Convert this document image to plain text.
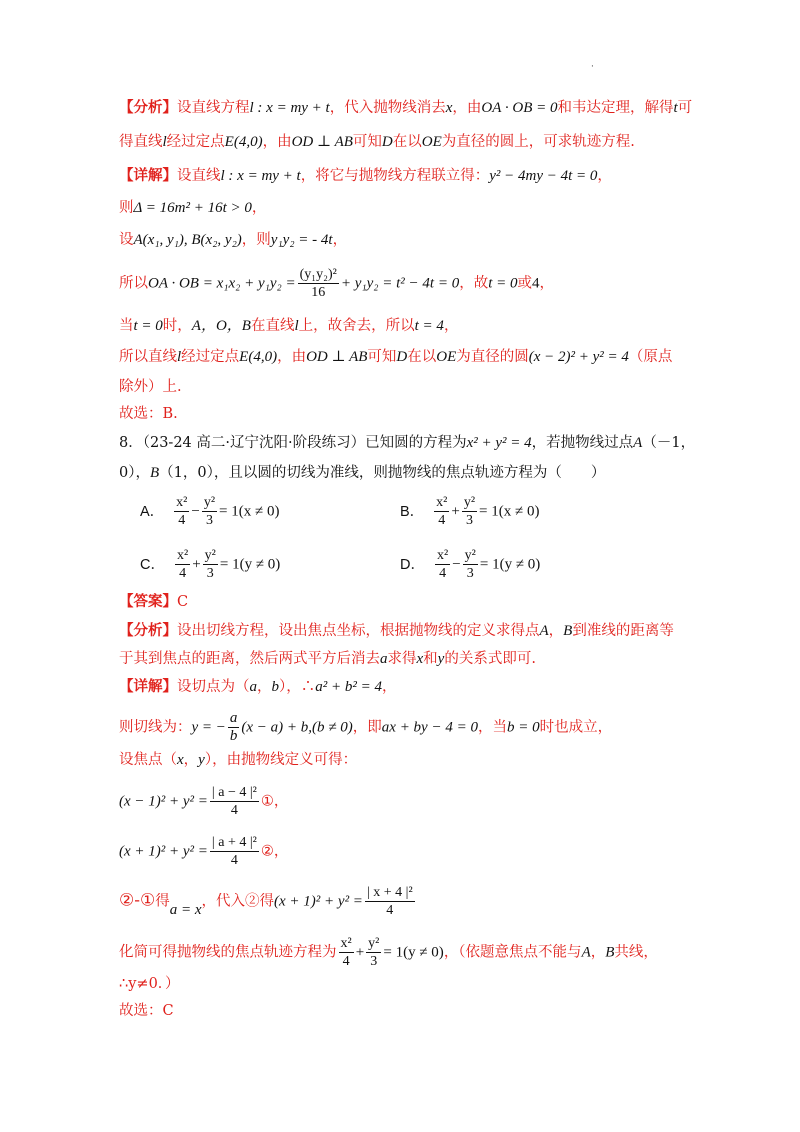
·
【分析】设直线方程l : x = my + t，代入抛物线消去x，由OA · OB = 0和韦达定理，解得t可
得直线l经过定点E(4,0)，由OD ⊥ AB可知D在以OE为直径的圆上，可求轨迹方程.
【详解】设直线l : x = my + t，将它与抛物线方程联立得：y² − 4my − 4t = 0，
则Δ = 16m² + 16t > 0，
设A(x₁, y₁), B(x₂, y₂)，则y₁y₂ = - 4t，
所以OA · OB = $x_1x_2 + y_1y_2 = \frac{\text{(y₁y₂)²}}{16} + y_1y_2 = t^2 - 4t = 0$，故t = 0或4，
当t = 0时，A，O，B在直线l上，故舍去，所以t = 4，
所以直线l经过定点E(4,0)，由OD ⊥ AB可知D在以OE为直径的圆(x − 2)² + y² = 4（原点
除外）上.
故选：B.
8．（23-24 高二·辽宁沈阳·阶段练习）已知圆的方程为x² + y² = 4，若抛物线过点A（－1，
0），B（1，0），且以圆的切线为准线，则抛物线的焦点轨迹方程为（　　）
A． $\frac{\text{x²}}{4} - \frac{\text{y²}}{3} = 1(x \ne 0)$	B． $\frac{\text{x²}}{4} + \frac{\text{y²}}{3} = 1(x \ne 0)$
C． $\frac{\text{x²}}{4} + \frac{\text{y²}}{3} = 1(y \ne 0)$	D． $\frac{\text{x²}}{4} - \frac{\text{y²}}{3} = 1(y \ne 0)$
【答案】C
【分析】设出切线方程，设出焦点坐标，根据抛物线的定义求得点A，B到准线的距离等
于其到焦点的距离，然后两式平方后消去a求得x和y的关系式即可.
【详解】设切点为（a，b），∴a² + b² = 4，
则切线为：y = − $\frac{a}{b} (x - a) + b,(b \ne 0)$，即ax + by − 4 = 0，当b = 0时也成立，
设焦点（x，y），由抛物线定义可得：
$(x - 1)^2 + y^2 = \frac{\text{| a − 4 |²}}{4}$ ①，
$(x + 1)^2 + y^2 = \frac{\text{| a + 4 |²}}{4}$ ②，
②-①得a = x，代入②得$(x + 1)^2 + y^2 = \frac{\text{| x + 4 |²}}{4}$
化简可得抛物线的焦点轨迹方程为 $\frac{\text{x²}}{4} + \frac{\text{y²}}{3} = 1(y \ne 0)$，（依题意焦点不能与A，B共线，
∴y≠0．）
故选：C
